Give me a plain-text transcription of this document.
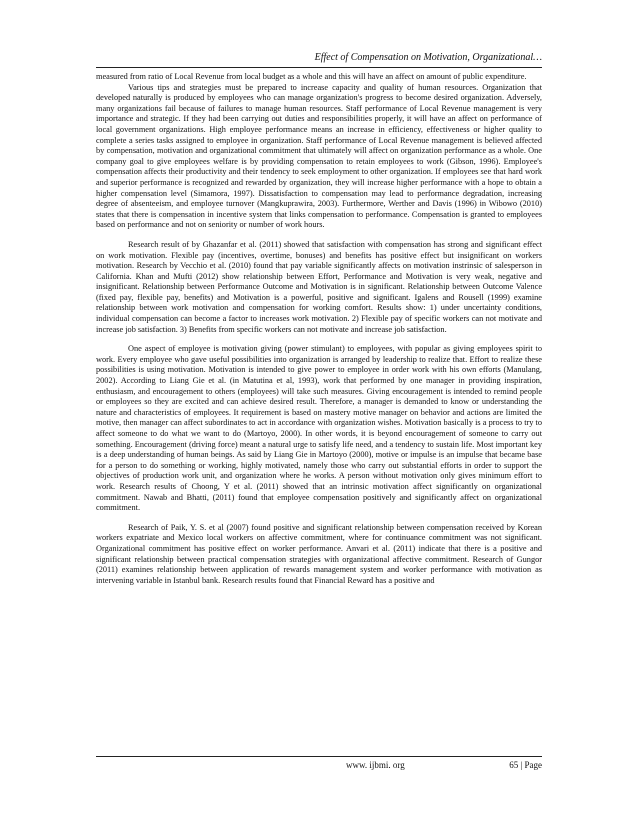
Effect of Compensation on Motivation, Organizational…

measured from ratio of Local Revenue from local budget as a whole and this will have an affect on amount of public expenditure.

Various tips and strategies must be prepared to increase capacity and quality of human resources. Organization that developed naturally is produced by employees who can manage organization's progress to become desired organization. Adversely, many organizations fail because of failures to manage human resources. Staff performance of Local Revenue management is very importance and strategic. If they had been carrying out duties and responsibilities properly, it will have an affect on performance of local government organizations. High employee performance means an increase in efficiency, effectiveness or higher quality to complete a series tasks assigned to employee in organization. Staff performance of Local Revenue management is believed affected by compensation, motivation and organizational commitment that ultimately will affect on organization performance as a whole. One company goal to give employees welfare is by providing compensation to retain employees to work (Gibson, 1996). Employee's compensation affects their productivity and their tendency to seek employment to other organization. If employees see that hard work and superior performance is recognized and rewarded by organization, they will increase higher performance with a hope to obtain a higher compensation level (Simamora, 1997). Dissatisfaction to compensation may lead to performance degradation, increasing degree of absenteeism, and employee turnover (Mangkuprawira, 2003). Furthermore, Werther and Davis (1996) in Wibowo (2010) states that there is compensation in incentive system that links compensation to performance. Compensation is granted to employees based on performance and not on seniority or number of work hours.

Research result of by Ghazanfar et al. (2011) showed that satisfaction with compensation has strong and significant effect on work motivation. Flexible pay (incentives, overtime, bonuses) and benefits has positive effect but insignificant on workers motivation. Research by Vecchio et al. (2010) found that pay variable significantly affects on motivation instrinsic of salesperson in California. Khan and Mufti (2012) show relationship between Effort, Performance and Motivation is very weak, negative and insignificant. Relationship between Performance Outcome and Motivation is in significant. Relationship between Outcome Valence (fixed pay, flexible pay, benefits) and Motivation is a powerful, positive and significant. Igalens and Rousell (1999) examine relationship between work motivation and compensation for working comfort. Results show: 1) under uncertainty conditions, individual compensation can become a factor to increases work motivation. 2) Flexible pay of specific workers can not motivate and increase job satisfaction. 3) Benefits from specific workers can not motivate and increase job satisfaction.

One aspect of employee is motivation giving (power stimulant) to employees, with popular as giving employees spirit to work. Every employee who gave useful possibilities into organization is arranged by leadership to realize that. Effort to realize these possibilities is using motivation. Motivation is intended to give power to employee in order work with his own efforts (Manulang, 2002). According to Liang Gie et al. (in Matutina et al, 1993), work that performed by one manager in providing inspiration, enthusiasm, and encouragement to others (employees) will take such measures. Giving encouragement is intended to remind people or employees so they are excited and can achieve desired result. Therefore, a manager is demanded to know or understanding the nature and characteristics of employees. It requirement is based on mastery motive manager on behavior and actions are limited the motive, then manager can affect subordinates to act in accordance with organization wishes. Motivation basically is a process to try to affect someone to do what we want to do (Martoyo, 2000). In other words, it is beyond encouragement of someone to carry out something. Encouragement (driving force) meant a natural urge to satisfy life need, and a tendency to sustain life. Most important key is a deep understanding of human beings. As said by Liang Gie in Martoyo (2000), motive or impulse is an impulse that became base for a person to do something or working, highly motivated, namely those who carry out substantial efforts in order to support the objectives of production work unit, and organization where he works. A person without motivation only gives minimum effort to work. Research results of Choong, Y et al. (2011) showed that an intrinsic motivation affect significantly on organizational commitment. Nawab and Bhatti, (2011) found that employee compensation positively and significantly affect on organizational commitment.

Research of Paik, Y. S. et al (2007) found positive and significant relationship between compensation received by Korean workers expatriate and Mexico local workers on affective commitment, where for continuance commitment was not significant. Organizational commitment has positive effect on worker performance. Anvari et al. (2011) indicate that there is a positive and significant relationship between practical compensation strategies with organizational affective commitment. Research of Gungor (2011) examines relationship between application of rewards management system and worker performance with motivation as intervening variable in Istanbul bank. Research results found that Financial Reward has a positive and

www. ijbmi. org	65 | Page
